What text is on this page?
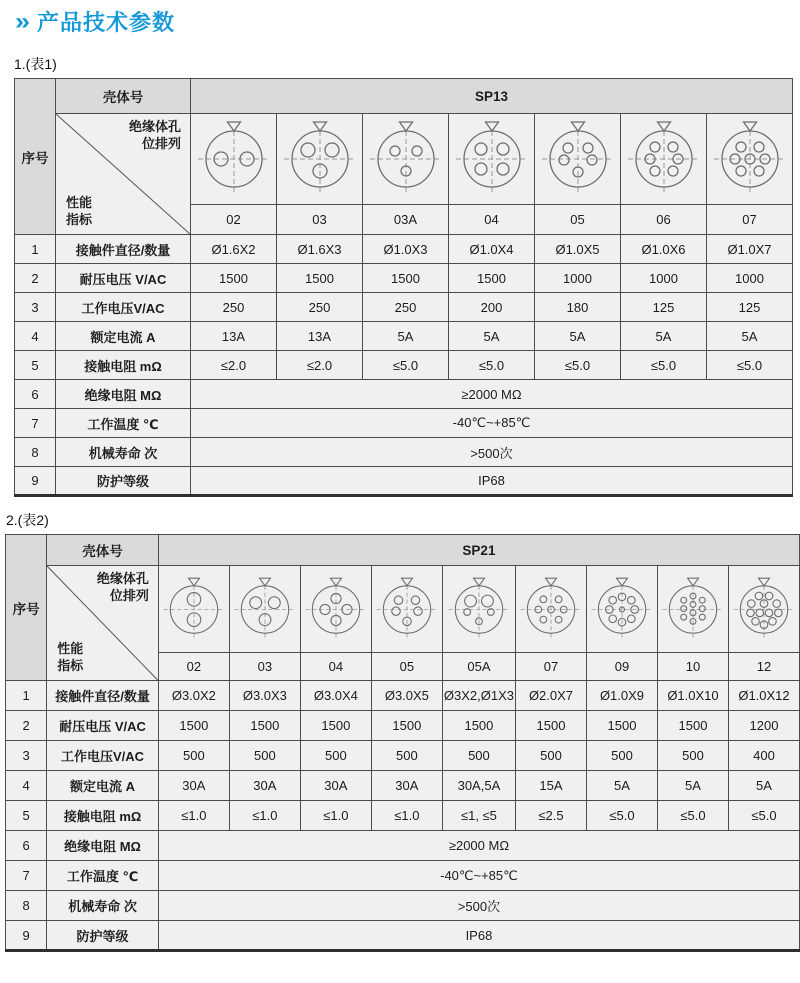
» 产品技术参数
1.(表1)
序号	壳体号	SP13						

	绝缘体孔
位排列
性能
指标

		02	03	03A	04	05	06	07
1	接触件直径/数量	Ø1.6X2	Ø1.6X3	Ø1.0X3	Ø1.0X4	Ø1.0X5	Ø1.0X6	Ø1.0X7
2	耐压电压 V/AC	1500	1500	1500	1500	1000	1000	1000
3	工作电压V/AC	250	250	250	200	180	125	125
4	额定电流 A	13A	13A	5A	5A	5A	5A	5A
5	接触电阻 mΩ	≤2.0	≤2.0	≤5.0	≤5.0	≤5.0	≤5.0	≤5.0
6	绝缘电阻 MΩ	≥2000 MΩ						
7	工作温度 ℃	-40℃~+85℃						
8	机械寿命 次	>500次						
9	防护等级	IP68						
2.(表2)
序号	壳体号	SP21								

	绝缘体孔
位排列
性能
指标

		02	03	04	05	05A	07	09	10	12
1	接触件直径/数量	Ø3.0X2	Ø3.0X3	Ø3.0X4	Ø3.0X5	Ø3X2,Ø1X3	Ø2.0X7	Ø1.0X9	Ø1.0X10	Ø1.0X12
2	耐压电压 V/AC	1500	1500	1500	1500	1500	1500	1500	1500	1200
3	工作电压V/AC	500	500	500	500	500	500	500	500	400
4	额定电流 A	30A	30A	30A	30A	30A,5A	15A	5A	5A	5A
5	接触电阻 mΩ	≤1.0	≤1.0	≤1.0	≤1.0	≤1, ≤5	≤2.5	≤5.0	≤5.0	≤5.0
6	绝缘电阻 MΩ	≥2000 MΩ								
7	工作温度 ℃	-40℃~+85℃								
8	机械寿命 次	>500次								
9	防护等级	IP68								
